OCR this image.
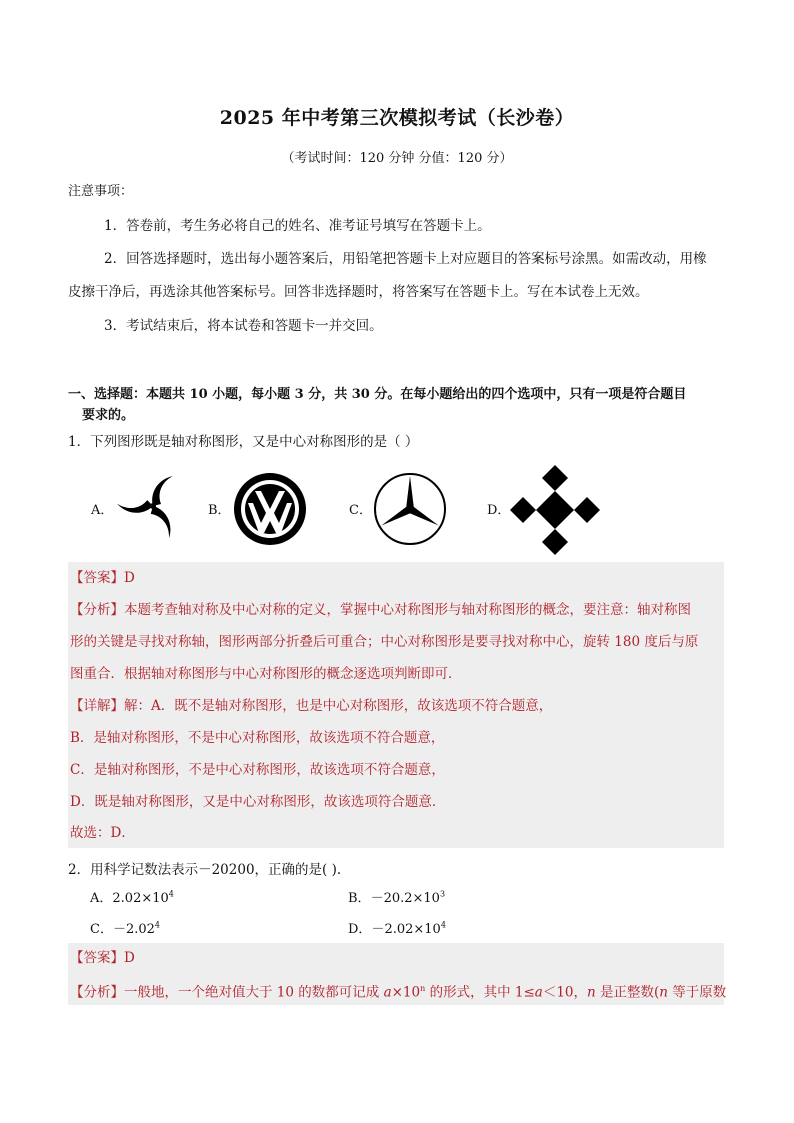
2025 年中考第三次模拟考试（长沙卷）
（考试时间：120 分钟 分值：120 分）
注意事项：
1．答卷前，考生务必将自己的姓名、准考证号填写在答题卡上。
2．回答选择题时，选出每小题答案后，用铅笔把答题卡上对应题目的答案标号涂黑。如需改动，用橡
皮擦干净后，再选涂其他答案标号。回答非选择题时，将答案写在答题卡上。写在本试卷上无效。
3．考试结束后，将本试卷和答题卡一并交回。
一、选择题：本题共 10 小题，每小题 3 分，共 30 分。在每小题给出的四个选项中，只有一项是符合题目
要求的。
1．下列图形既是轴对称图形，又是中心对称图形的是（ ）
A．	B．	C．	D．
【答案】D
【分析】本题考查轴对称及中心对称的定义，掌握中心对称图形与轴对称图形的概念，要注意：轴对称图
形的关键是寻找对称轴，图形两部分折叠后可重合；中心对称图形是要寻找对称中心，旋转 180 度后与原
图重合．根据轴对称图形与中心对称图形的概念逐选项判断即可．
【详解】解：A．既不是轴对称图形，也是中心对称图形，故该选项不符合题意，
B．是轴对称图形，不是中心对称图形，故该选项不符合题意，
C．是轴对称图形，不是中心对称图形，故该选项不符合题意，
D．既是轴对称图形，又是中心对称图形，故该选项符合题意．
故选：D．
2．用科学记数法表示－20200，正确的是( ).
A．$2.02\times 10^4$	B．$-20.2\times 10^3$
C．$-2.02^4$	D．$-2.02\times 10^4$
【答案】D
【分析】一般地，一个绝对值大于 10 的数都可记成 $a\times 10^n$ 的形式，其中 1≤a＜10，n 是正整数(n 等于原数
